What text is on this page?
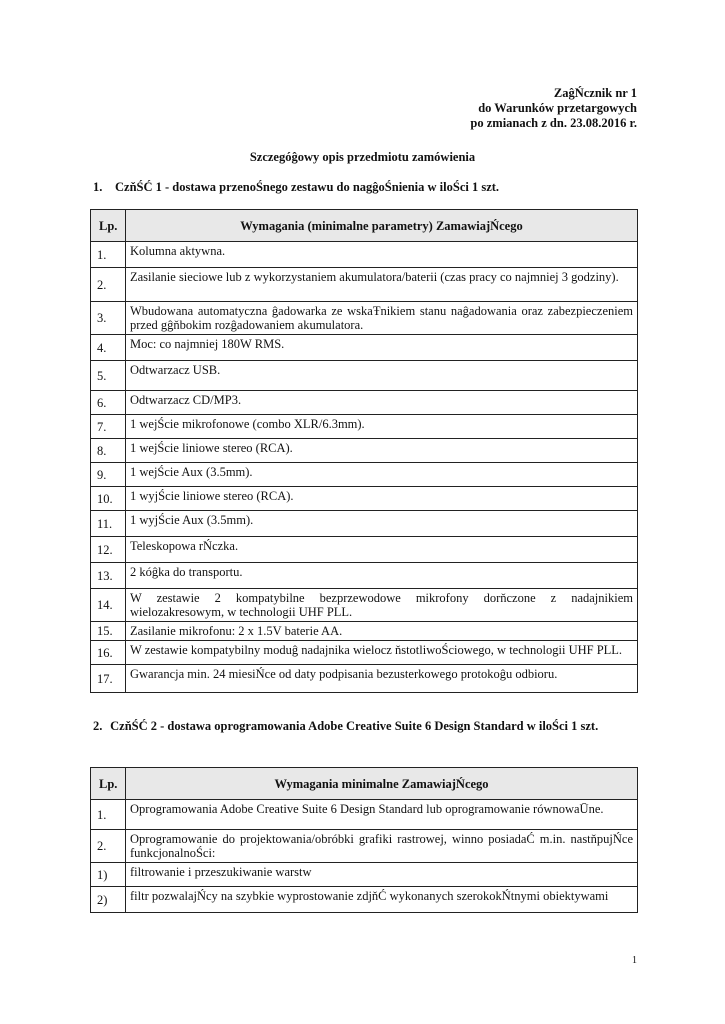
ZaĝŃcznik nr 1
do Warunków przetargowych
po zmianach z dn. 23.08.2016 r.
Szczegóĝowy opis przedmiotu zamówienia
1. CzňŚĆ 1 - dostawa przenoŚnego zestawu do nagĝoŚnienia w iloŚci 1 szt.
Lp.	Wymagania (minimalne parametry) ZamawiajŃcego
1.	Kolumna aktywna.
2.	Zasilanie sieciowe lub z wykorzystaniem akumulatora/baterii (czas pracy co najmniej 3 godziny).
3.	Wbudowana automatyczna ĝadowarka ze wskaŦnikiem stanu naĝadowania oraz zabezpieczeniem przed gĝňbokim rozĝadowaniem akumulatora.
4.	Moc: co najmniej 180W RMS.
5.	Odtwarzacz USB.
6.	Odtwarzacz CD/MP3.
7.	1 wejŚcie mikrofonowe (combo XLR/6.3mm).
8.	1 wejŚcie liniowe stereo (RCA).
9.	1 wejŚcie Aux (3.5mm).
10.	1 wyjŚcie liniowe stereo (RCA).
11.	1 wyjŚcie Aux (3.5mm).
12.	Teleskopowa rŃczka.
13.	2 kóĝka do transportu.
14.	W zestawie 2 kompatybilne bezprzewodowe mikrofony dorňczone z nadajnikiem wielozakresowym, w technologii UHF PLL.
15.	Zasilanie mikrofonu: 2 x 1.5V baterie AA.
16.	W zestawie kompatybilny moduĝ nadajnika wielocz ňstotliwoŚciowego, w technologii UHF PLL.
17.	Gwarancja min. 24 miesiŃce od daty podpisania bezusterkowego protokoĝu odbioru.
2. CzňŚĆ 2 - dostawa oprogramowania Adobe Creative Suite 6 Design Standard w iloŚci 1 szt.
Lp.	Wymagania minimalne ZamawiajŃcego
1.	Oprogramowania Adobe Creative Suite 6 Design Standard lub oprogramowanie równowaŪne.
2.	Oprogramowanie do projektowania/obróbki grafiki rastrowej, winno posiadaĆ m.in. nastňpujŃce funkcjonalnoŚci:
1)	filtrowanie i przeszukiwanie warstw
2)	filtr pozwalajŃcy na szybkie wyprostowanie zdjňĆ wykonanych szerokokŃtnymi obiektywami
1
